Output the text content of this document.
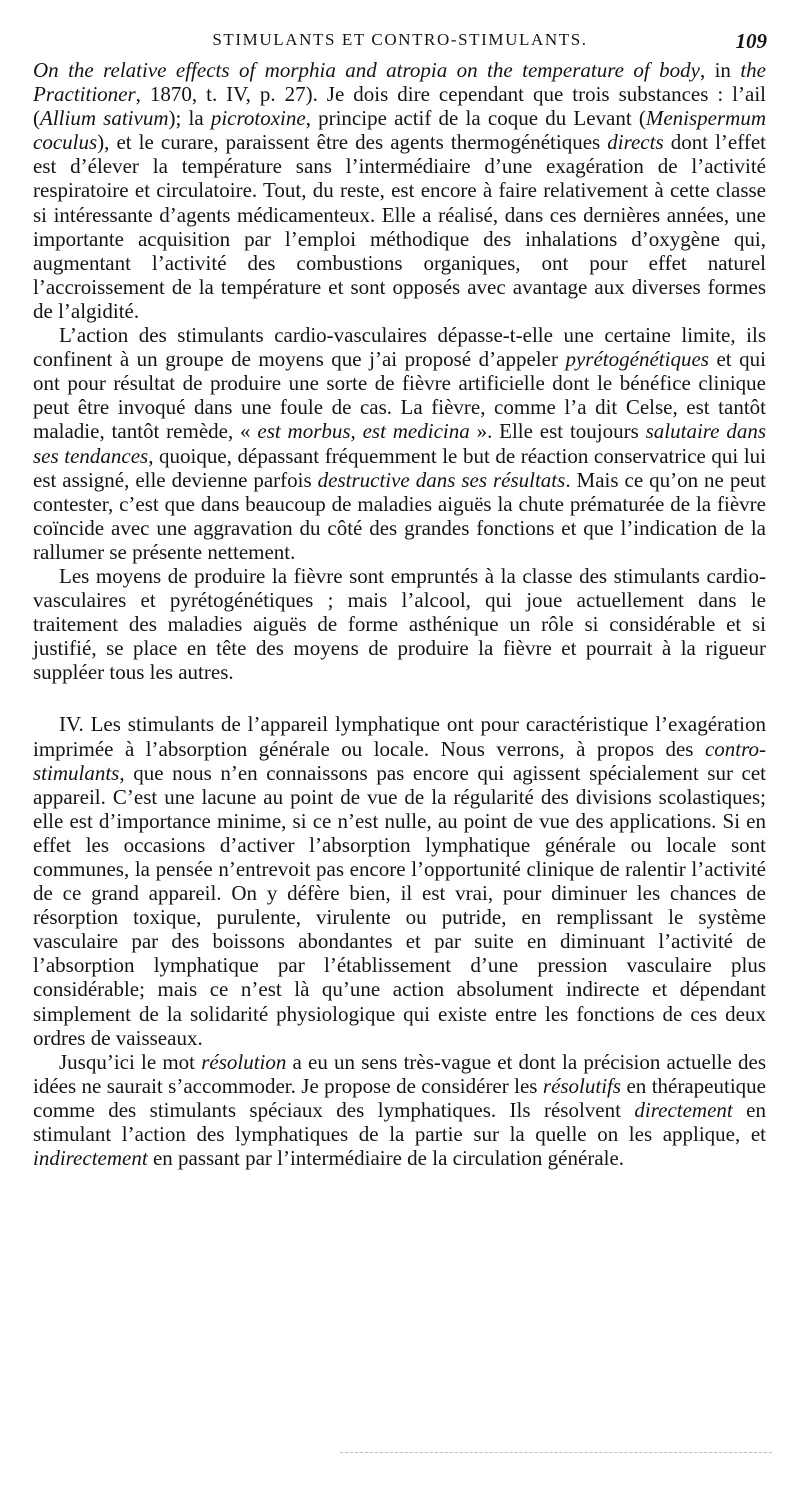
STIMULANTS ET CONTRO-STIMULANTS.	109

On the relative effects of morphia and atropia on the temperature of body, in the Practitioner, 1870, t. IV, p. 27). Je dois dire cependant que trois substances : l’ail (Allium sativum); la picrotoxine, principe actif de la coque du Levant (Menispermum coculus), et le curare, paraissent être des agents thermogénétiques directs dont l’effet est d’élever la température sans l’intermédiaire d’une exagération de l’activité respiratoire et circulatoire. Tout, du reste, est encore à faire relativement à cette classe si intéressante d’agents médicamenteux. Elle a réalisé, dans ces dernières années, une importante acquisition par l’emploi méthodique des inhalations d’oxygène qui, augmentant l’activité des combustions organiques, ont pour effet naturel l’accroissement de la température et sont opposés avec avantage aux diverses formes de l’algidité.

L’action des stimulants cardio-vasculaires dépasse-t-elle une certaine limite, ils confinent à un groupe de moyens que j’ai proposé d’appeler pyrétogénétiques et qui ont pour résultat de produire une sorte de fièvre artificielle dont le bénéfice clinique peut être invoqué dans une foule de cas. La fièvre, comme l’a dit Celse, est tantôt maladie, tantôt remède, « est morbus, est medicina ». Elle est toujours salutaire dans ses tendances, quoique, dépassant fréquemment le but de réaction conservatrice qui lui est assigné, elle devienne parfois destructive dans ses résultats. Mais ce qu’on ne peut contester, c’est que dans beaucoup de maladies aiguës la chute prématurée de la fièvre coïncide avec une aggravation du côté des grandes fonctions et que l’indication de la rallumer se présente nettement.

Les moyens de produire la fièvre sont empruntés à la classe des stimulants cardio-vasculaires et pyrétogénétiques ; mais l’alcool, qui joue actuellement dans le traitement des maladies aiguës de forme asthénique un rôle si considérable et si justifié, se place en tête des moyens de produire la fièvre et pourrait à la rigueur suppléer tous les autres.

IV. Les stimulants de l’appareil lymphatique ont pour caractéristique l’exagération imprimée à l’absorption générale ou locale. Nous verrons, à propos des contro-stimulants, que nous n’en connaissons pas encore qui agissent spécialement sur cet appareil. C’est une lacune au point de vue de la régularité des divisions scolastiques; elle est d’importance minime, si ce n’est nulle, au point de vue des applications. Si en effet les occasions d’activer l’absorption lymphatique générale ou locale sont communes, la pensée n’entrevoit pas encore l’opportunité clinique de ralentir l’activité de ce grand appareil. On y défère bien, il est vrai, pour diminuer les chances de résorption toxique, purulente, virulente ou putride, en remplissant le système vasculaire par des boissons abondantes et par suite en diminuant l’activité de l’absorption lymphatique par l’établissement d’une pression vasculaire plus considérable; mais ce n’est là qu’une action absolument indirecte et dépendant simplement de la solidarité physiologique qui existe entre les fonctions de ces deux ordres de vaisseaux.

Jusqu’ici le mot résolution a eu un sens très-vague et dont la précision actuelle des idées ne saurait s’accommoder. Je propose de considérer les résolutifs en thérapeutique comme des stimulants spéciaux des lymphatiques. Ils résolvent directement en stimulant l’action des lymphatiques de la partie sur la quelle on les applique, et indirectement en passant par l’intermédiaire de la circulation générale.
